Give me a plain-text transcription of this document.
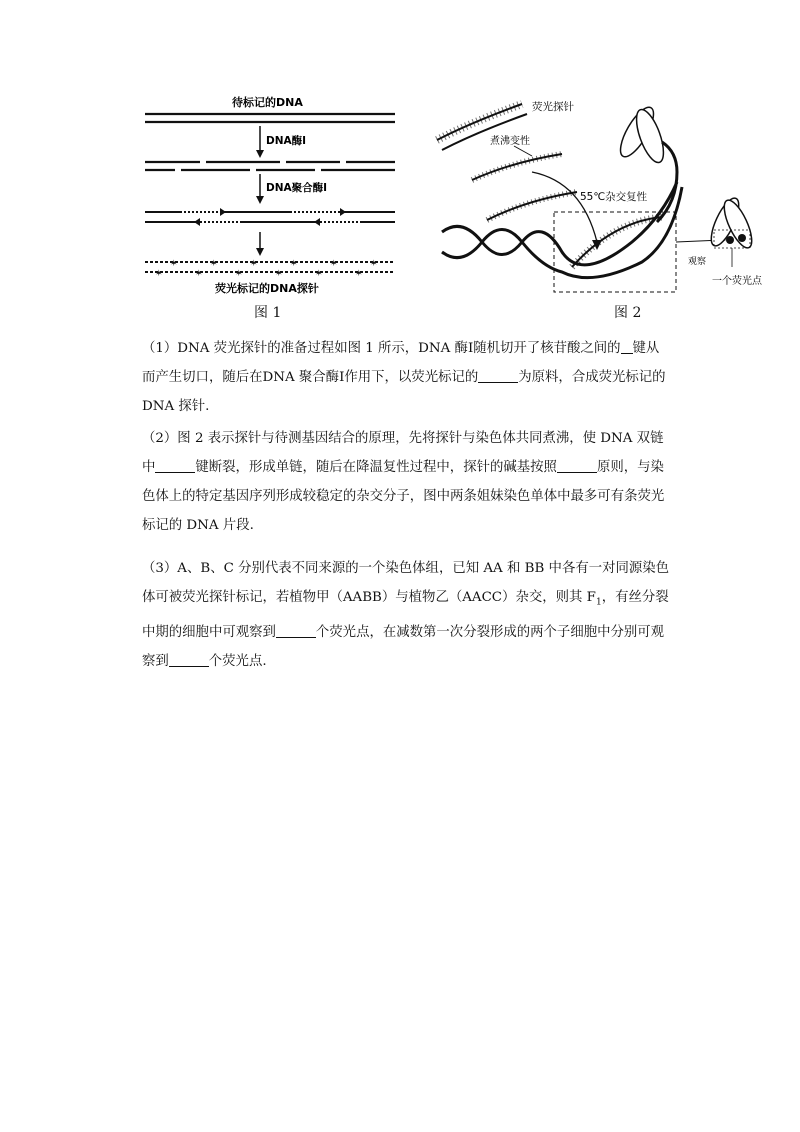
待标记的DNA
DNA酶Ⅰ
DNA聚合酶Ⅰ
✶	✶	✶	✶	✶	✶
✶	✶	✶	✶	✶	✶
荧光标记的DNA探针
图 1
荧光探针
煮沸变性
55℃杂交复性
观察
一个荧光点
图 2
（1）DNA 荧光探针的准备过程如图 1 所示，DNA 酶Ⅰ随机切开了核苷酸之间的 键从而产生切口，随后在DNA 聚合酶Ⅰ作用下，以荧光标记的	为原料，合成荧光标记的 DNA 探针.
（2）图 2 表示探针与待测基因结合的原理，先将探针与染色体共同煮沸，使 DNA 双链中	键断裂，形成单链，随后在降温复性过程中，探针的碱基按照	原则，与染色体上的特定基因序列形成较稳定的杂交分子，图中两条姐妹染色单体中最多可有条荧光标记的 DNA 片段.
（3）A、B、C 分别代表不同来源的一个染色体组，已知 AA 和 BB 中各有一对同源染色体可被荧光探针标记，若植物甲（AABB）与植物乙（AACC）杂交，则其 $F_1$，有丝分裂中期的细胞中可观察到	个荧光点，在减数第一次分裂形成的两个子细胞中分别可观察到	个荧光点.
